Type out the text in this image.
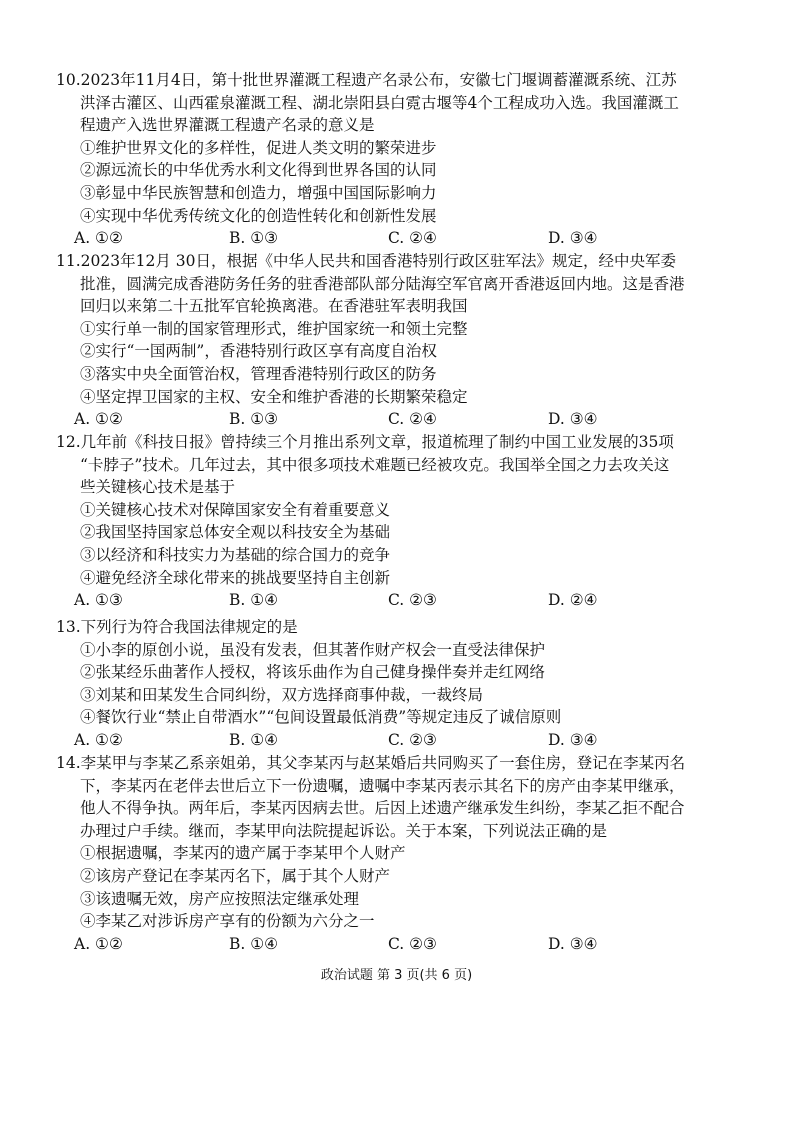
10.2023年11月4日，第十批世界灌溉工程遗产名录公布，安徽七门堰调蓄灌溉系统、江苏
洪泽古灌区、山西霍泉灌溉工程、湖北崇阳县白霓古堰等4个工程成功入选。我国灌溉工
程遗产入选世界灌溉工程遗产名录的意义是
①维护世界文化的多样性，促进人类文明的繁荣进步
②源远流长的中华优秀水利文化得到世界各国的认同
③彰显中华民族智慧和创造力，增强中国国际影响力
④实现中华优秀传统文化的创造性转化和创新性发展
A. ①②	B. ①③	C. ②④	D. ③④
11.2023年12月 30日，根据《中华人民共和国香港特别行政区驻军法》规定，经中央军委
批准，圆满完成香港防务任务的驻香港部队部分陆海空军官离开香港返回内地。这是香港
回归以来第二十五批军官轮换离港。在香港驻军表明我国
①实行单一制的国家管理形式，维护国家统一和领土完整
②实行“一国两制”，香港特别行政区享有高度自治权
③落实中央全面管治权，管理香港特别行政区的防务
④坚定捍卫国家的主权、安全和维护香港的长期繁荣稳定
A. ①②	B. ①③	C. ②④	D. ③④
12.几年前《科技日报》曾持续三个月推出系列文章，报道梳理了制约中国工业发展的35项
“卡脖子”技术。几年过去，其中很多项技术难题已经被攻克。我国举全国之力去攻关这
些关键核心技术是基于
①关键核心技术对保障国家安全有着重要意义
②我国坚持国家总体安全观以科技安全为基础
③以经济和科技实力为基础的综合国力的竞争
④避免经济全球化带来的挑战要坚持自主创新
A. ①③	B. ①④	C. ②③	D. ②④
13.下列行为符合我国法律规定的是
①小李的原创小说，虽没有发表，但其著作财产权会一直受法律保护
②张某经乐曲著作人授权，将该乐曲作为自己健身操伴奏并走红网络
③刘某和田某发生合同纠纷，双方选择商事仲裁，一裁终局
④餐饮行业“禁止自带酒水”“包间设置最低消费”等规定违反了诚信原则
A. ①②	B. ①④	C. ②③	D. ③④
14.李某甲与李某乙系亲姐弟，其父李某丙与赵某婚后共同购买了一套住房，登记在李某丙名
下，李某丙在老伴去世后立下一份遗嘱，遗嘱中李某丙表示其名下的房产由李某甲继承，
他人不得争执。两年后，李某丙因病去世。后因上述遗产继承发生纠纷，李某乙拒不配合
办理过户手续。继而，李某甲向法院提起诉讼。关于本案，下列说法正确的是
①根据遗嘱，李某丙的遗产属于李某甲个人财产
②该房产登记在李某丙名下，属于其个人财产
③该遗嘱无效，房产应按照法定继承处理
④李某乙对涉诉房产享有的份额为六分之一
A. ①②	B. ①④	C. ②③	D. ③④
政治试题 第 3 页(共 6 页)
